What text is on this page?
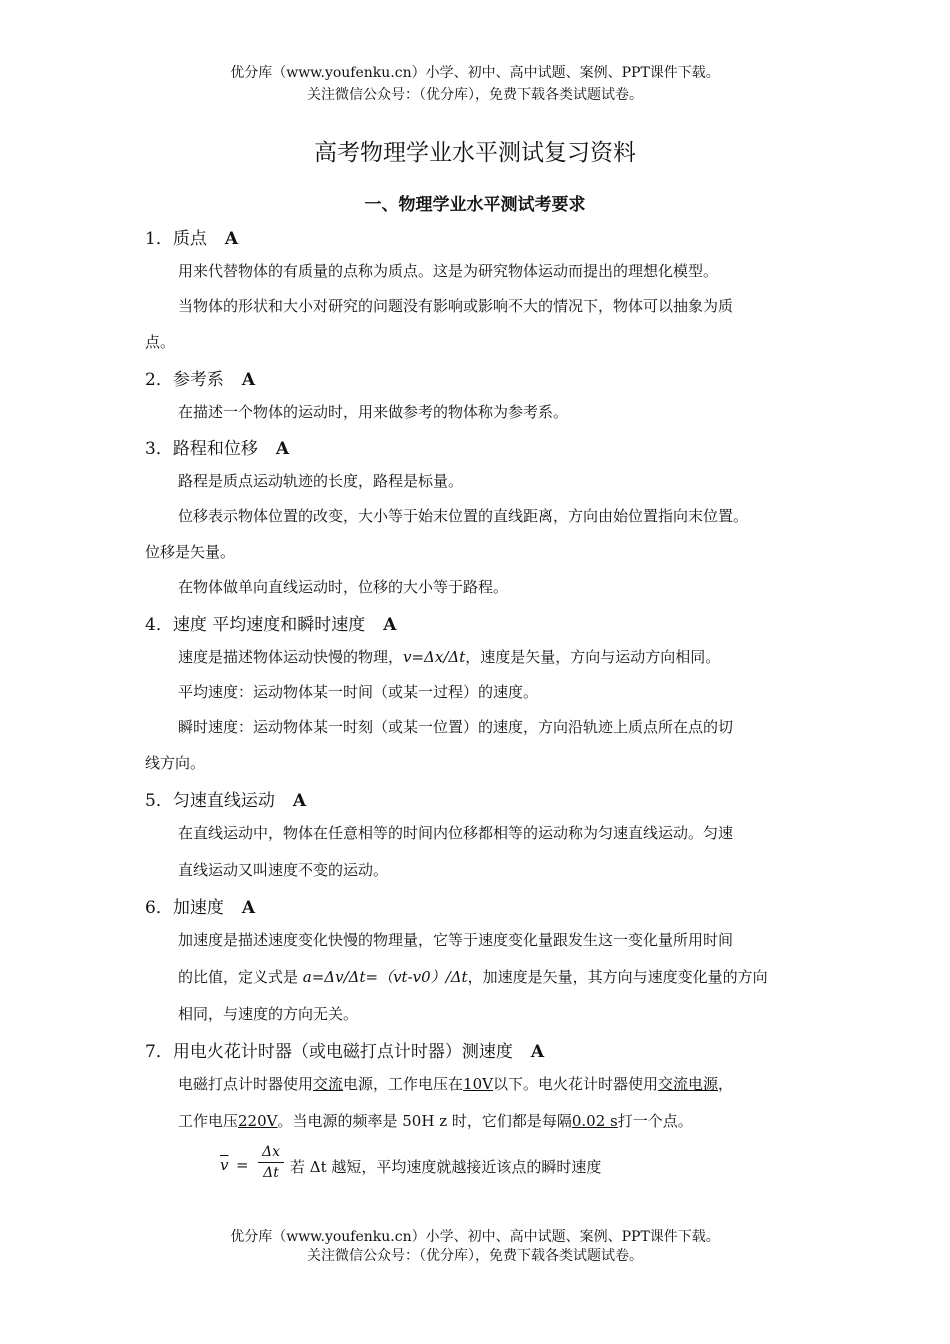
优分库（www.youfenku.cn）小学、初中、高中试题、案例、PPT课件下载。
关注微信公众号：（优分库），免费下载各类试题试卷。
高考物理学业水平测试复习资料
一、物理学业水平测试考要求
1．质点 A
用来代替物体的有质量的点称为质点。这是为研究物体运动而提出的理想化模型。
当物体的形状和大小对研究的问题没有影响或影响不大的情况下，物体可以抽象为质
点。
2．参考系 A
在描述一个物体的运动时，用来做参考的物体称为参考系。
3．路程和位移 A
路程是质点运动轨迹的长度，路程是标量。
位移表示物体位置的改变，大小等于始末位置的直线距离，方向由始位置指向末位置。
位移是矢量。
在物体做单向直线运动时，位移的大小等于路程。
4．速度 平均速度和瞬时速度 A
速度是描述物体运动快慢的物理，v=Δx/Δt，速度是矢量，方向与运动方向相同。
平均速度：运动物体某一时间（或某一过程）的速度。
瞬时速度：运动物体某一时刻（或某一位置）的速度，方向沿轨迹上质点所在点的切
线方向。
5．匀速直线运动 A
在直线运动中，物体在任意相等的时间内位移都相等的运动称为匀速直线运动。匀速
直线运动又叫速度不变的运动。
6．加速度 A
加速度是描述速度变化快慢的物理量，它等于速度变化量跟发生这一变化量所用时间
的比值，定义式是 a=Δv/Δt=（vt-v0）/Δt，加速度是矢量，其方向与速度变化量的方向
相同，与速度的方向无关。
7．用电火花计时器（或电磁打点计时器）测速度 A
电磁打点计时器使用交流电源，工作电压在10V以下。电火花计时器使用交流电源，
工作电压220V。当电源的频率是 50H z 时，它们都是每隔0.02 s打一个点。
$\overline{v}$ =
Δx
Δt 若 Δt 越短，平均速度就越接近该点的瞬时速度
优分库（www.youfenku.cn）小学、初中、高中试题、案例、PPT课件下载。
关注微信公众号：（优分库），免费下载各类试题试卷。
